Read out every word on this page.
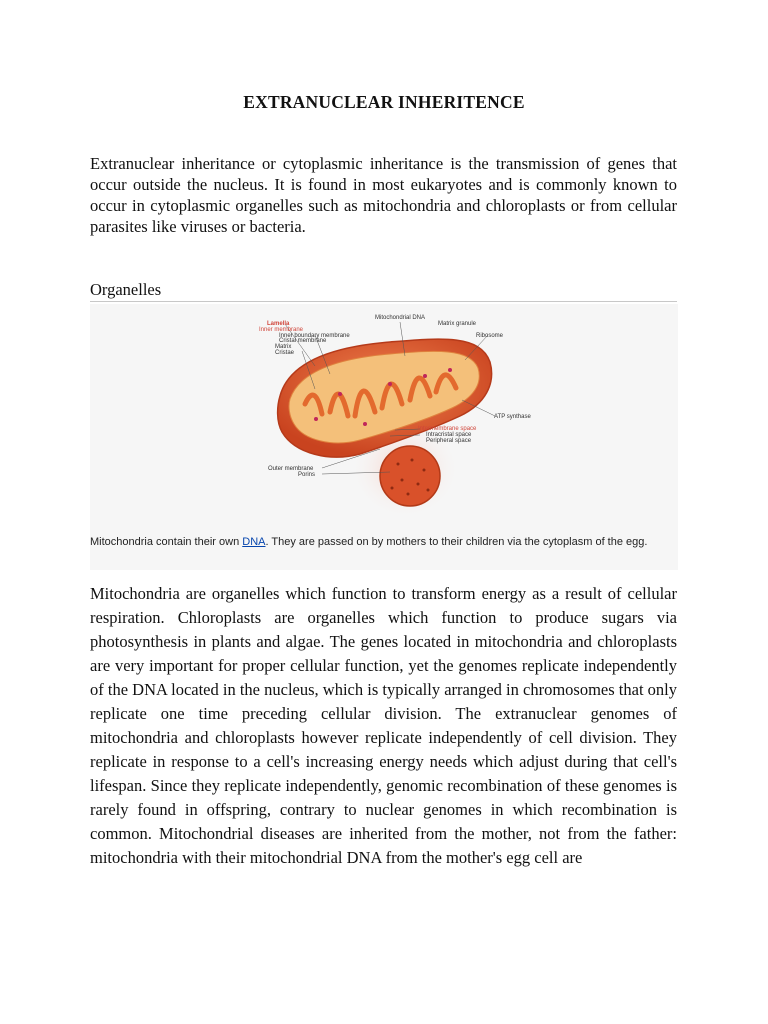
EXTRANUCLEAR INHERITENCE
Extranuclear inheritance or cytoplasmic inheritance is the transmission of genes that occur outside the nucleus. It is found in most eukaryotes and is commonly known to occur in cytoplasmic organelles such as mitochondria and chloroplasts or from cellular parasites like viruses or bacteria.
Organelles
Mitochondrial DNA
Matrix granule
Ribosome
Lamella
Inner membrane
Inner boundary membrane
Cristal membrane
Matrix
Cristae
ATP synthase
Intermembrane space
Intracristal space
Peripheral space
Outer membrane
Porins
Mitochondria contain their own DNA. They are passed on by mothers to their children via the cytoplasm of the egg.
Mitochondria are organelles which function to transform energy as a result of cellular respiration. Chloroplasts are organelles which function to produce sugars via photosynthesis in plants and algae. The genes located in mitochondria and chloroplasts are very important for proper cellular function, yet the genomes replicate independently of the DNA located in the nucleus, which is typically arranged in chromosomes that only replicate one time preceding cellular division. The extranuclear genomes of mitochondria and chloroplasts however replicate independently of cell division. They replicate in response to a cell's increasing energy needs which adjust during that cell's lifespan. Since they replicate independently, genomic recombination of these genomes is rarely found in offspring, contrary to nuclear genomes in which recombination is common. Mitochondrial diseases are inherited from the mother, not from the father: mitochondria with their mitochondrial DNA from the mother's egg cell are
